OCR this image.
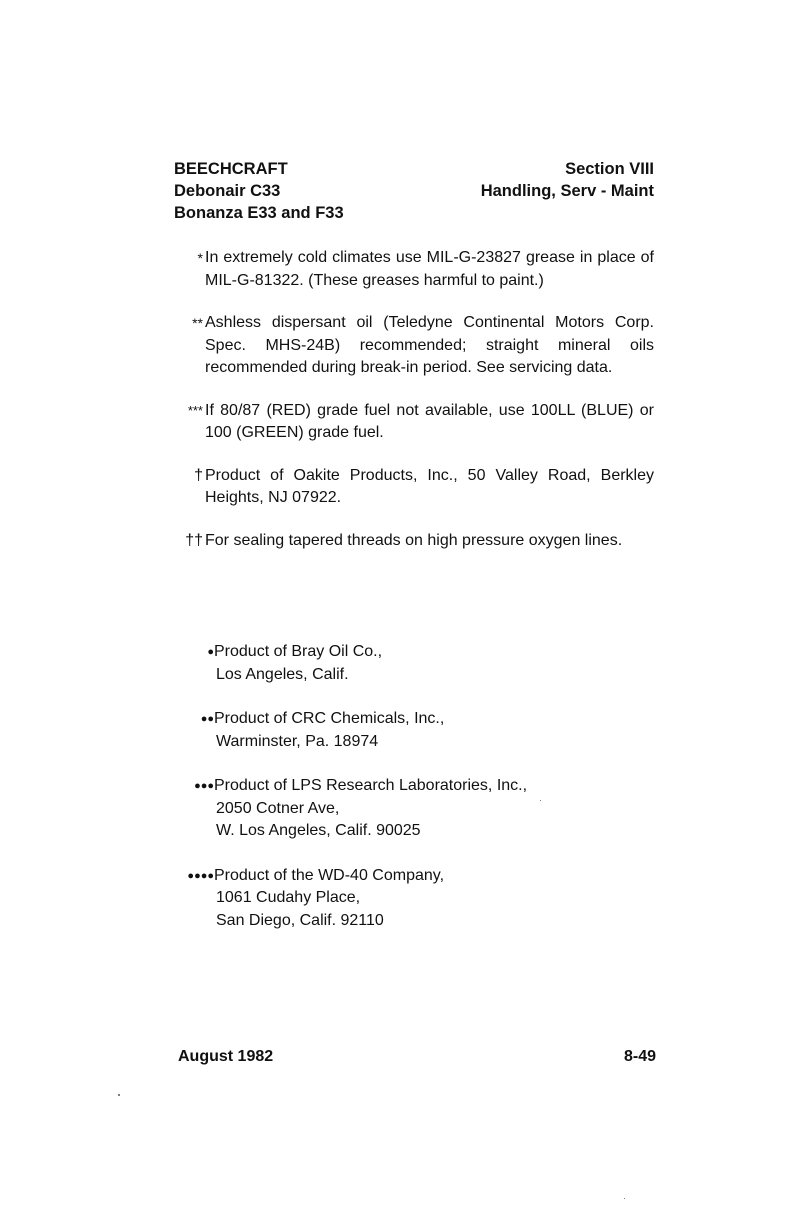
BEECHCRAFT
Debonair C33
Bonanza E33 and F33
Section VIII
Handling, Serv - Maint
* In extremely cold climates use MIL-G-23827 grease in place of MIL-G-81322. (These greases harmful to paint.)
** Ashless dispersant oil (Teledyne Continental Motors Corp. Spec. MHS-24B) recommended; straight mineral oils recommended during break-in period. See servicing data.
*** If 80/87 (RED) grade fuel not available, use 100LL (BLUE) or 100 (GREEN) grade fuel.
† Product of Oakite Products, Inc., 50 Valley Road, Berkley Heights, NJ 07922.
†† For sealing tapered threads on high pressure oxygen lines.
● Product of Bray Oil Co.,
Los Angeles, Calif.
●● Product of CRC Chemicals, Inc.,
Warminster, Pa. 18974
●●● Product of LPS Research Laboratories, Inc.,
2050 Cotner Ave,
W. Los Angeles, Calif. 90025
●●●● Product of the WD-40 Company,
1061 Cudahy Place,
San Diego, Calif. 92110
August 1982	8-49
